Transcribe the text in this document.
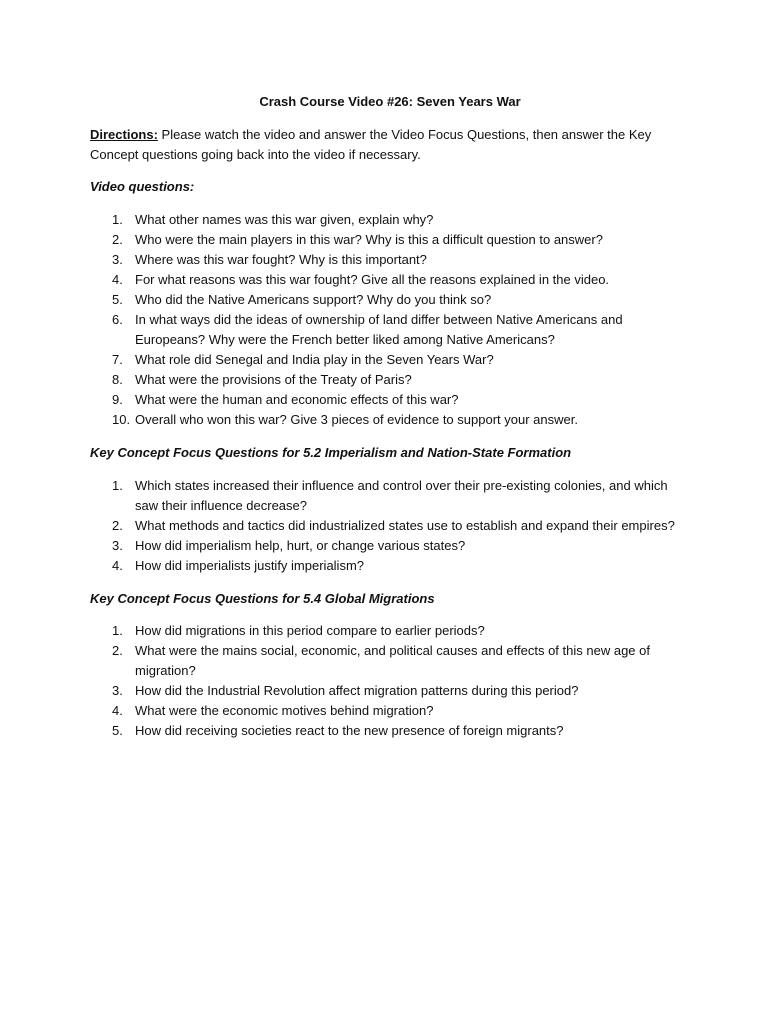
Crash Course Video #26: Seven Years War

Directions: Please watch the video and answer the Video Focus Questions, then answer the Key Concept questions going back into the video if necessary.

Video questions:

1. What other names was this war given, explain why?
2. Who were the main players in this war? Why is this a difficult question to answer?
3. Where was this war fought? Why is this important?
4. For what reasons was this war fought? Give all the reasons explained in the video.
5. Who did the Native Americans support? Why do you think so?
6. In what ways did the ideas of ownership of land differ between Native Americans and Europeans? Why were the French better liked among Native Americans?
7. What role did Senegal and India play in the Seven Years War?
8. What were the provisions of the Treaty of Paris?
9. What were the human and economic effects of this war?
10. Overall who won this war? Give 3 pieces of evidence to support your answer.

Key Concept Focus Questions for 5.2 Imperialism and Nation-State Formation

1. Which states increased their influence and control over their pre-existing colonies, and which saw their influence decrease?
2. What methods and tactics did industrialized states use to establish and expand their empires?
3. How did imperialism help, hurt, or change various states?
4. How did imperialists justify imperialism?

Key Concept Focus Questions for 5.4 Global Migrations

1. How did migrations in this period compare to earlier periods?
2. What were the mains social, economic, and political causes and effects of this new age of migration?
3. How did the Industrial Revolution affect migration patterns during this period?
4. What were the economic motives behind migration?
5. How did receiving societies react to the new presence of foreign migrants?
